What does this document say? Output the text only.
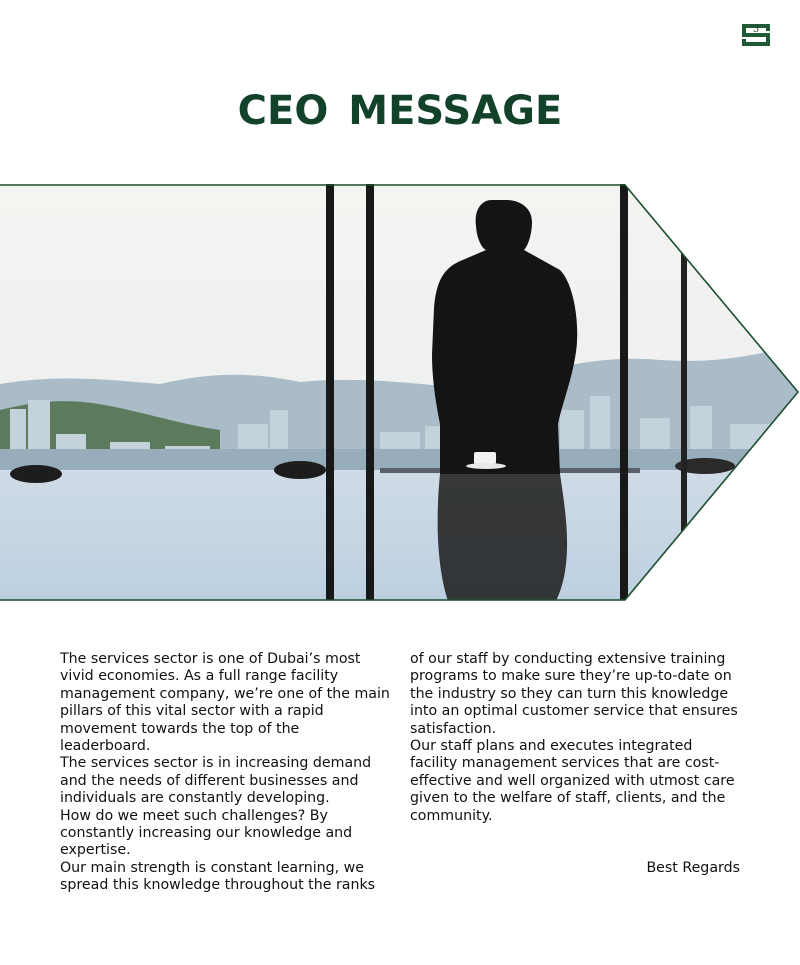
3
CEO MESSAGE

The services sector is one of Dubai’s most vivid economies. As a full range facility management company, we’re one of the main pillars of this vital sector with a rapid movement towards the top of the leaderboard.

The services sector is in increasing demand and the needs of different businesses and individuals are constantly developing.

How do we meet such challenges? By constantly increasing our knowledge and expertise.

Our main strength is constant learning, we spread this knowledge throughout the ranks

of our staff by conducting extensive training programs to make sure they’re up-to-date on the industry so they can turn this knowledge into an optimal customer service that ensures satisfaction.

Our staff plans and executes integrated facility management services that are cost-effective and well organized with utmost care given to the welfare of staff, clients, and the community.

Best Regards
